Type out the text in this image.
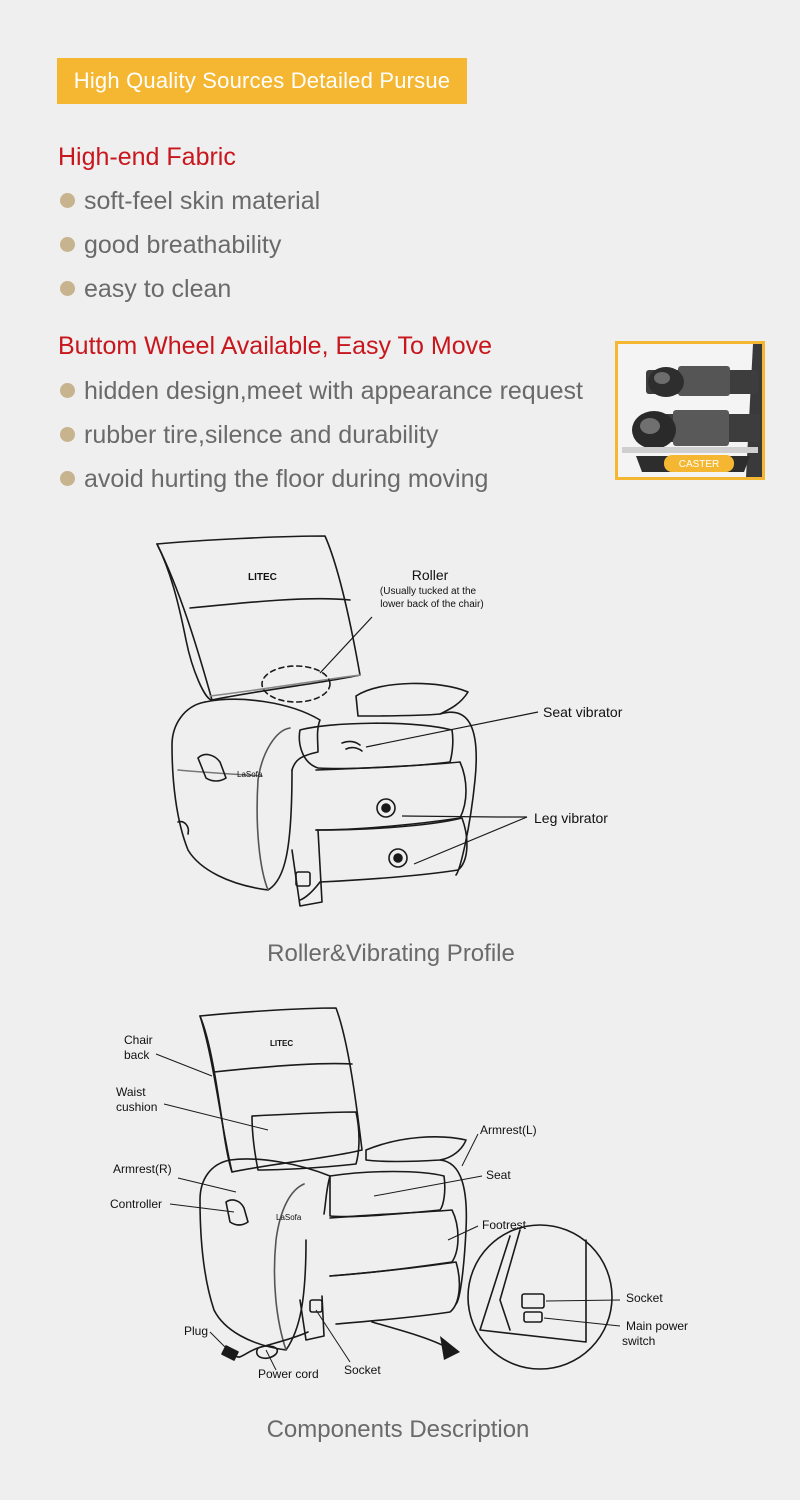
High Quality Sources Detailed Pursue
High-end Fabric
soft-feel skin material
good breathability
easy to clean
Buttom Wheel Available, Easy To Move
hidden design,meet with appearance request
rubber tire,silence and durability
avoid hurting the floor during moving
CASTER
LITEC
LaSofa
Roller
(Usually tucked at the
lower back of the chair)
Seat vibrator
Leg vibrator
Roller&Vibrating Profile
LITEC
LaSofa
Chair
back
Waist
cushion
Armrest(R)
Controller
Armrest(L)
Seat
Footrest
Socket
Main power
switch
Plug
Power cord Socket
Components Description
